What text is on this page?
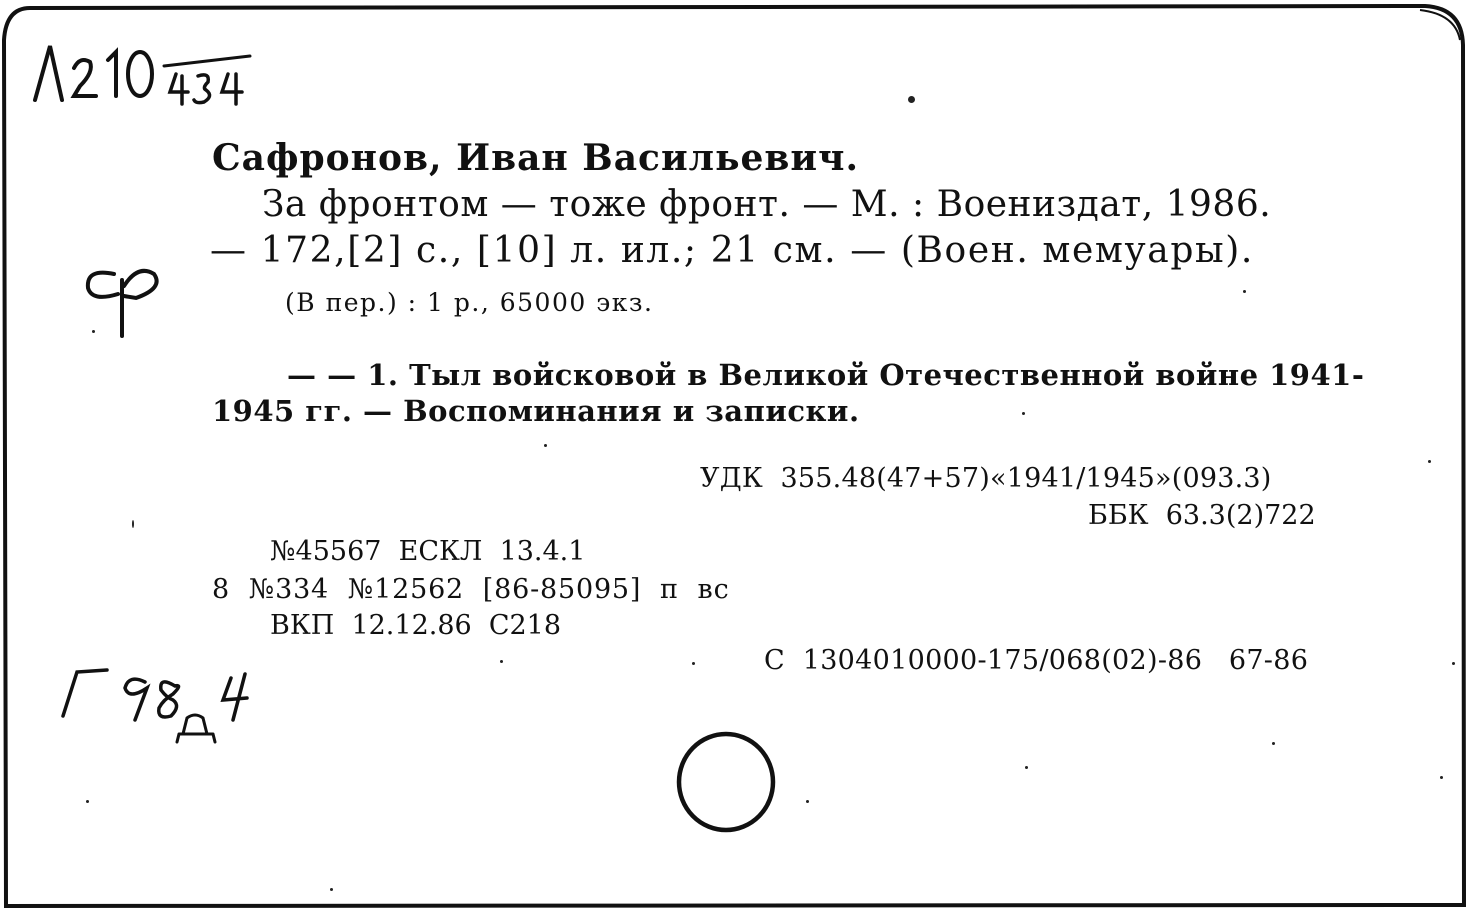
Сафронов, Иван Васильевич.
За фронтом — тоже фронт. — М. : Воениздат, 1986.
— 172,[2] с., [10] л. ил.; 21 см. — (Воен. мемуары).
(В пер.) : 1 р., 65000 экз.
— — 1. Тыл войсковой в Великой Отечественной войне 1941-
1945 гг. — Воспоминания и записки.
УДК  355.48(47+57)«1941/1945»(093.3)
ББК  63.3(2)722
№45567  ЕСКЛ  13.4.1
8  №334  №12562  [86-85095]  п  вс
ВКП  12.12.86  С218
С  1304010000-175/068(02)-86   67-86
